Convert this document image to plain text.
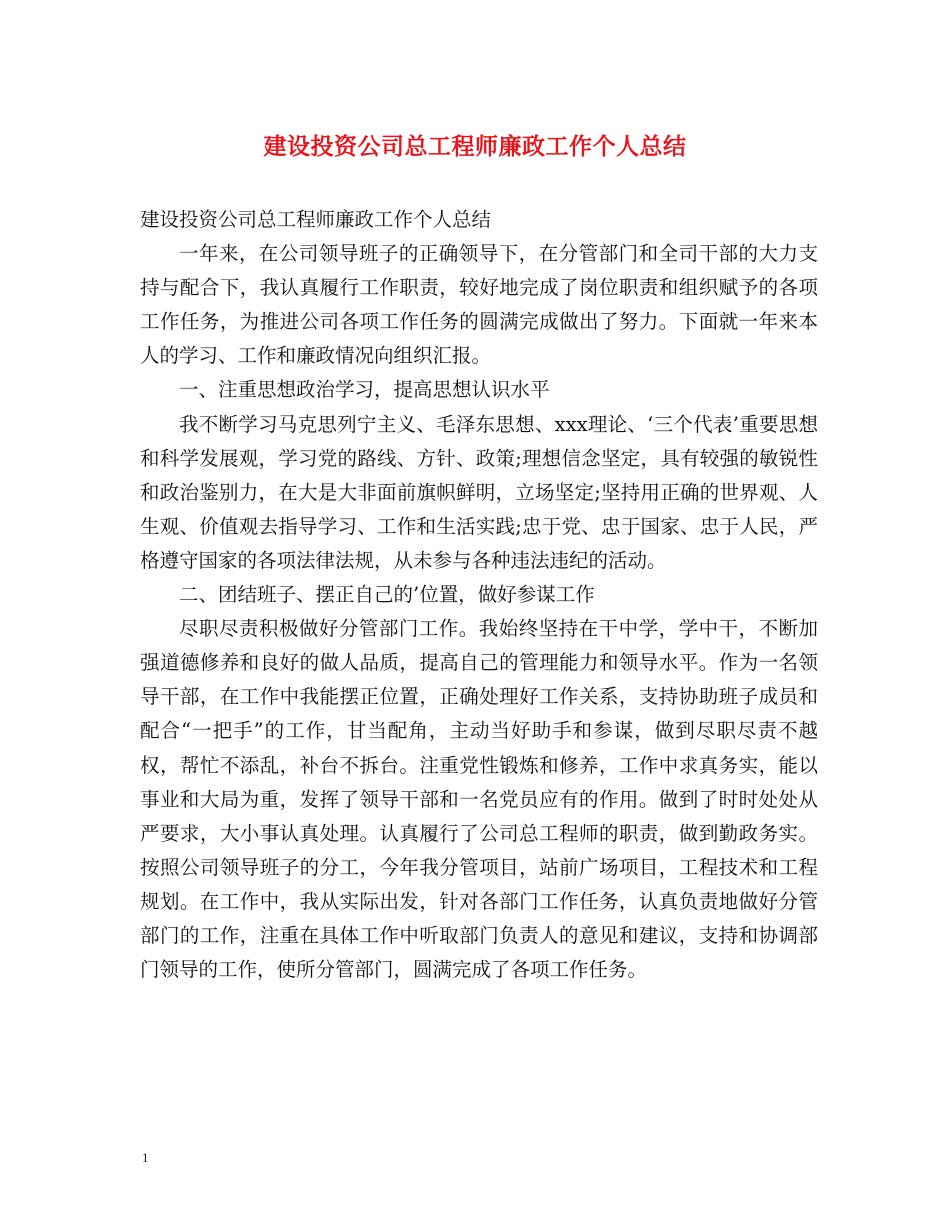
建设投资公司总工程师廉政工作个人总结

建设投资公司总工程师廉政工作个人总结

一年来，在公司领导班子的正确领导下，在分管部门和全司干部的大力支持与配合下，我认真履行工作职责，较好地完成了岗位职责和组织赋予的各项工作任务，为推进公司各项工作任务的圆满完成做出了努力。下面就一年来本人的学习、工作和廉政情况向组织汇报。

一、注重思想政治学习，提高思想认识水平

我不断学习马克思列宁主义、毛泽东思想、xxx理论、‘三个代表’重要思想和科学发展观，学习党的路线、方针、政策;理想信念坚定，具有较强的敏锐性和政治鉴别力，在大是大非面前旗帜鲜明，立场坚定;坚持用正确的世界观、人生观、价值观去指导学习、工作和生活实践;忠于党、忠于国家、忠于人民，严格遵守国家的各项法律法规，从未参与各种违法违纪的活动。

二、团结班子、摆正自己的’位置，做好参谋工作

尽职尽责积极做好分管部门工作。我始终坚持在干中学，学中干，不断加强道德修养和良好的做人品质，提高自己的管理能力和领导水平。作为一名领导干部，在工作中我能摆正位置，正确处理好工作关系，支持协助班子成员和配合“一把手”的工作，甘当配角，主动当好助手和参谋，做到尽职尽责不越权，帮忙不添乱，补台不拆台。注重党性锻炼和修养，工作中求真务实，能以事业和大局为重，发挥了领导干部和一名党员应有的作用。做到了时时处处从严要求，大小事认真处理。认真履行了公司总工程师的职责，做到勤政务实。按照公司领导班子的分工，今年我分管项目，站前广场项目，工程技术和工程规划。在工作中，我从实际出发，针对各部门工作任务，认真负责地做好分管部门的工作，注重在具体工作中听取部门负责人的意见和建议，支持和协调部门领导的工作，使所分管部门，圆满完成了各项工作任务。

1
